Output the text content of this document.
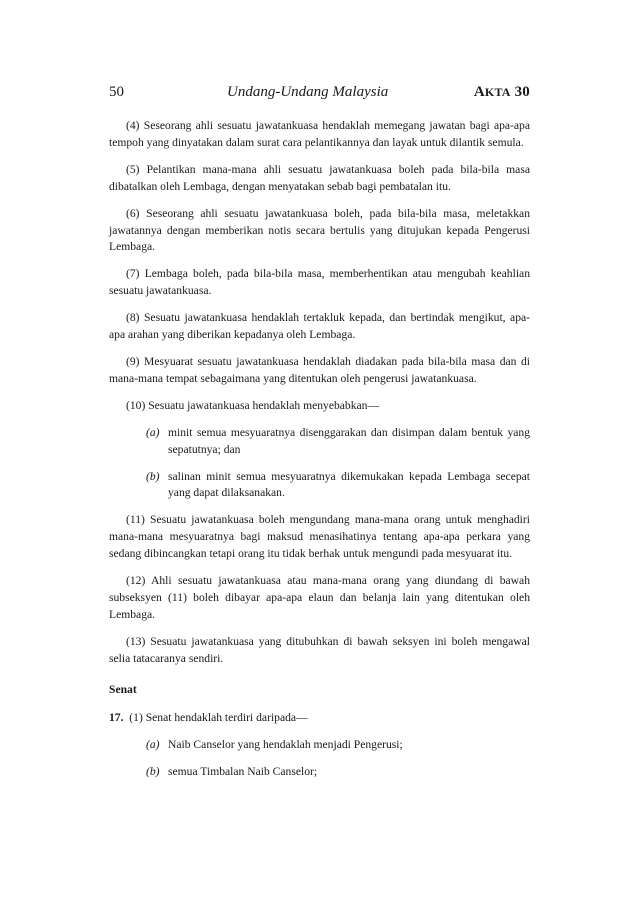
50	Undang-Undang Malaysia	AKTA 30

(4) Seseorang ahli sesuatu jawatankuasa hendaklah memegang jawatan bagi apa-apa tempoh yang dinyatakan dalam surat cara pelantikannya dan layak untuk dilantik semula.

(5) Pelantikan mana-mana ahli sesuatu jawatankuasa boleh pada bila-bila masa dibatalkan oleh Lembaga, dengan menyatakan sebab bagi pembatalan itu.

(6) Seseorang ahli sesuatu jawatankuasa boleh, pada bila-bila masa, meletakkan jawatannya dengan memberikan notis secara bertulis yang ditujukan kepada Pengerusi Lembaga.

(7) Lembaga boleh, pada bila-bila masa, memberhentikan atau mengubah keahlian sesuatu jawatankuasa.

(8) Sesuatu jawatankuasa hendaklah tertakluk kepada, dan bertindak mengikut, apa-apa arahan yang diberikan kepadanya oleh Lembaga.

(9) Mesyuarat sesuatu jawatankuasa hendaklah diadakan pada bila-bila masa dan di mana-mana tempat sebagaimana yang ditentukan oleh pengerusi jawatankuasa.

(10) Sesuatu jawatankuasa hendaklah menyebabkan—

(a) minit semua mesyuaratnya disenggarakan dan disimpan dalam bentuk yang sepatutnya; dan
(b) salinan minit semua mesyuaratnya dikemukakan kepada Lembaga secepat yang dapat dilaksanakan.

(11) Sesuatu jawatankuasa boleh mengundang mana-mana orang untuk menghadiri mana-mana mesyuaratnya bagi maksud menasihatinya tentang apa-apa perkara yang sedang dibincangkan tetapi orang itu tidak berhak untuk mengundi pada mesyuarat itu.

(12) Ahli sesuatu jawatankuasa atau mana-mana orang yang diundang di bawah subseksyen (11) boleh dibayar apa-apa elaun dan belanja lain yang ditentukan oleh Lembaga.

(13) Sesuatu jawatankuasa yang ditubuhkan di bawah seksyen ini boleh mengawal selia tatacaranya sendiri.

Senat

17. (1) Senat hendaklah terdiri daripada—

(a) Naib Canselor yang hendaklah menjadi Pengerusi;
(b) semua Timbalan Naib Canselor;
